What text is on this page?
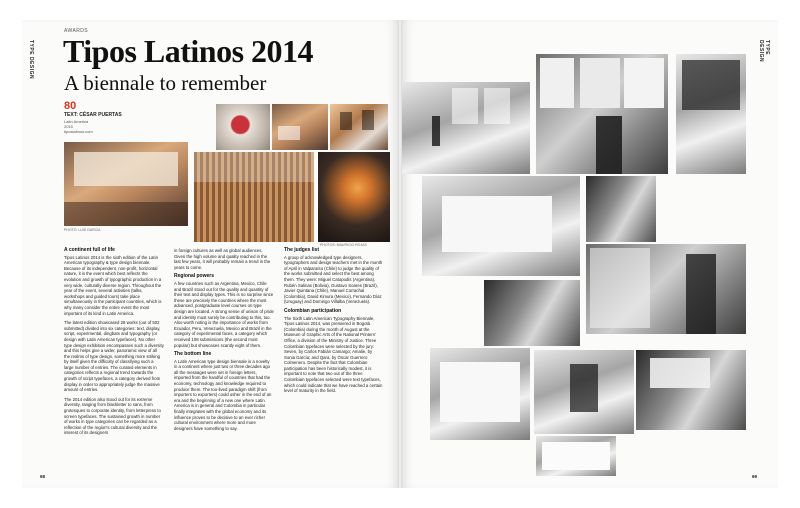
TYPE DESIGN
AWARDS
Tipos Latinos 2014
A biennale to remember
80
TEXT: CÉSAR PUERTAS
Latin America
2015
tiposlatinos.com
PHOTO: LUIS GARCIA
PHOTOS: MAURICIO ROJAS
A continent full of life

Tipos Latinos 2014 is the sixth edition of the Latin American typography & type design biennale. Because of its independent, non-profit, horizontal nature, it is the event which best reflects the evolution and growth of typographic production in a very wide, culturally diverse region. Throughout the year of the event, several activities (talks, workshops and guided tours) take place simultaneously in the participant countries, which is why many consider the entire event the most important of its kind in Latin America.

The latest edition showcased 28 works (out of 502 submitted) divided into six categories: text, display, script, experimental, dingbats and typography (or design with Latin American typefaces). No other type design exhibition encompasses such a diversity and this helps give a wider, panoramic view of all the realms of type design, something more striking by itself given the difficulty of classifying such a large number of entries. The curated elements in categories reflects a regional trend towards the growth of script typefaces, a category derived from display in order to appropriately judge the massive amount of entries.

The 2014 edition also stood out for its extreme diversity, ranging from blackletter to sans, from grotesques to corporate identity, from letterpress to screen typefaces. The sustained growth in number of works in type categories can be regarded as a reflection of the region's cultural diversity and the interest of its designers

in foreign cultures as well as global audiences. Given the high volume and quality reached in the last few years, it will probably remain a trend in the years to come.

Regional powers

A few countries such as Argentina, Mexico, Chile and Brazil stood out for the quality and quantity of their text and display types. This is no surprise since these are precisely the countries where the most advanced, postgraduate level courses on type design are located. A strong sense of unison of pride and identity must surely be contributing to this, too. Also worth noting is the importance of works from Ecuador, Peru, Venezuela, Mexico and Brazil in the category of experimental faces, a category which received 108 submissions (the second most popular) but showcases scantly eight of them.

The bottom line

A Latin American type design biennale is a novelty in a continent where just two or three decades ago all the messages were set in foreign letters, imported from the handful of countries that had the economy, technology and knowledge required to produce them. The too-lived paradigm shift (from importers to exporters) could usher in the end of an era and the beginning of a new one where Latin America is in general and Colombia in particular finally integrates with the global economy and its influence proves to be decisive to an ever richer cultural environment where more and more designers have something to say.

The judges list

A group of acknowledged type designers, typographers and design teachers met in the month of April in Valparaíso (Chile) to judge the quality of the works submitted and select the best among them. They were: Miguel Catopodis (Argentina), Rubén Salinas (Bolivia), Gustavo Soares (Brazil), Javier Quintana (Chile), Manuel Corrachal (Colombia), David Kimura (Mexico), Fernando Díaz (Uruguay) and Domingo Villalba (Venezuela).

Colombian participation

The Sixth Latin American Typography Biennale, Tipos Latinos 2014, was premiered in Bogotá (Colombia) during the month of August at the Museum of Graphic Arts of the National Printers' Office, a division of the Ministry of Justice. Three Colombian typefaces were selected by the jury: Seven, by Carlos Fabián Camargo; Amalie, by Sonia García; and Qara, by Óscar Guerrero Colmenero. Despite the fact that Colombian participation has been historically modest, it is important to note that two out of the three Colombian typefaces selected were text typefaces, which could indicate that we have reached a certain level of maturity in the field.

68
TYPE DESIGN
69
